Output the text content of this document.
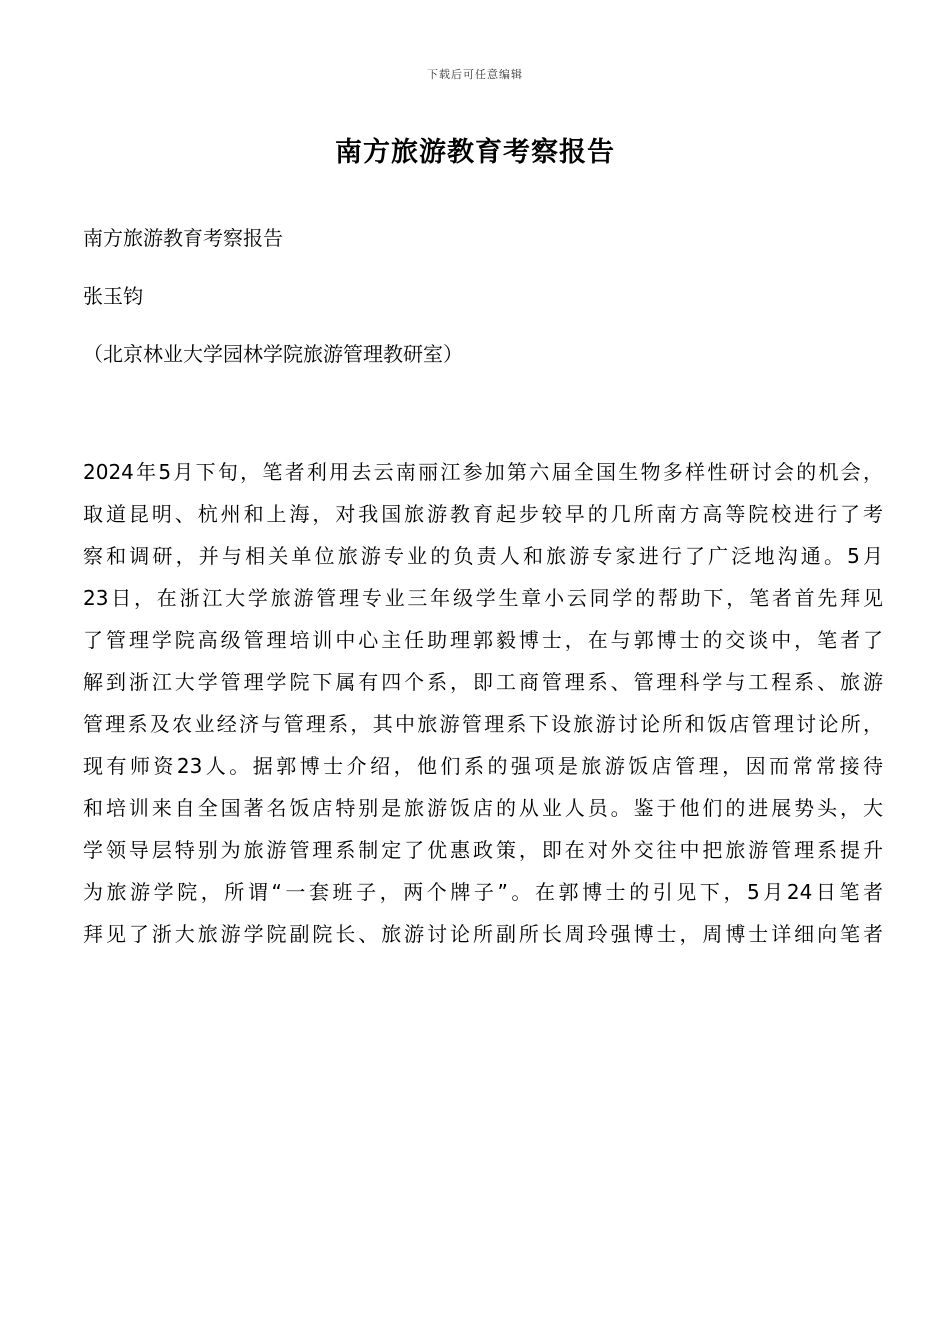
下载后可任意编辑
南方旅游教育考察报告

南方旅游教育考察报告

张玉钧

（北京林业大学园林学院旅游管理教研室）

2024年5月下旬，笔者利用去云南丽江参加第六届全国生物多样性研讨会的机会，
取道昆明、杭州和上海，对我国旅游教育起步较早的几所南方高等院校进行了考
察和调研，并与相关单位旅游专业的负责人和旅游专家进行了广泛地沟通。5月
23日，在浙江大学旅游管理专业三年级学生章小云同学的帮助下，笔者首先拜见
了管理学院高级管理培训中心主任助理郭毅博士，在与郭博士的交谈中，笔者了
解到浙江大学管理学院下属有四个系，即工商管理系、管理科学与工程系、旅游
管理系及农业经济与管理系，其中旅游管理系下设旅游讨论所和饭店管理讨论所，
现有师资23人。据郭博士介绍，他们系的强项是旅游饭店管理，因而常常接待
和培训来自全国著名饭店特别是旅游饭店的从业人员。鉴于他们的进展势头，大
学领导层特别为旅游管理系制定了优惠政策，即在对外交往中把旅游管理系提升
为旅游学院，所谓“一套班子，两个牌子”。在郭博士的引见下，5月24日笔者
拜见了浙大旅游学院副院长、旅游讨论所副所长周玲强博士，周博士详细向笔者
